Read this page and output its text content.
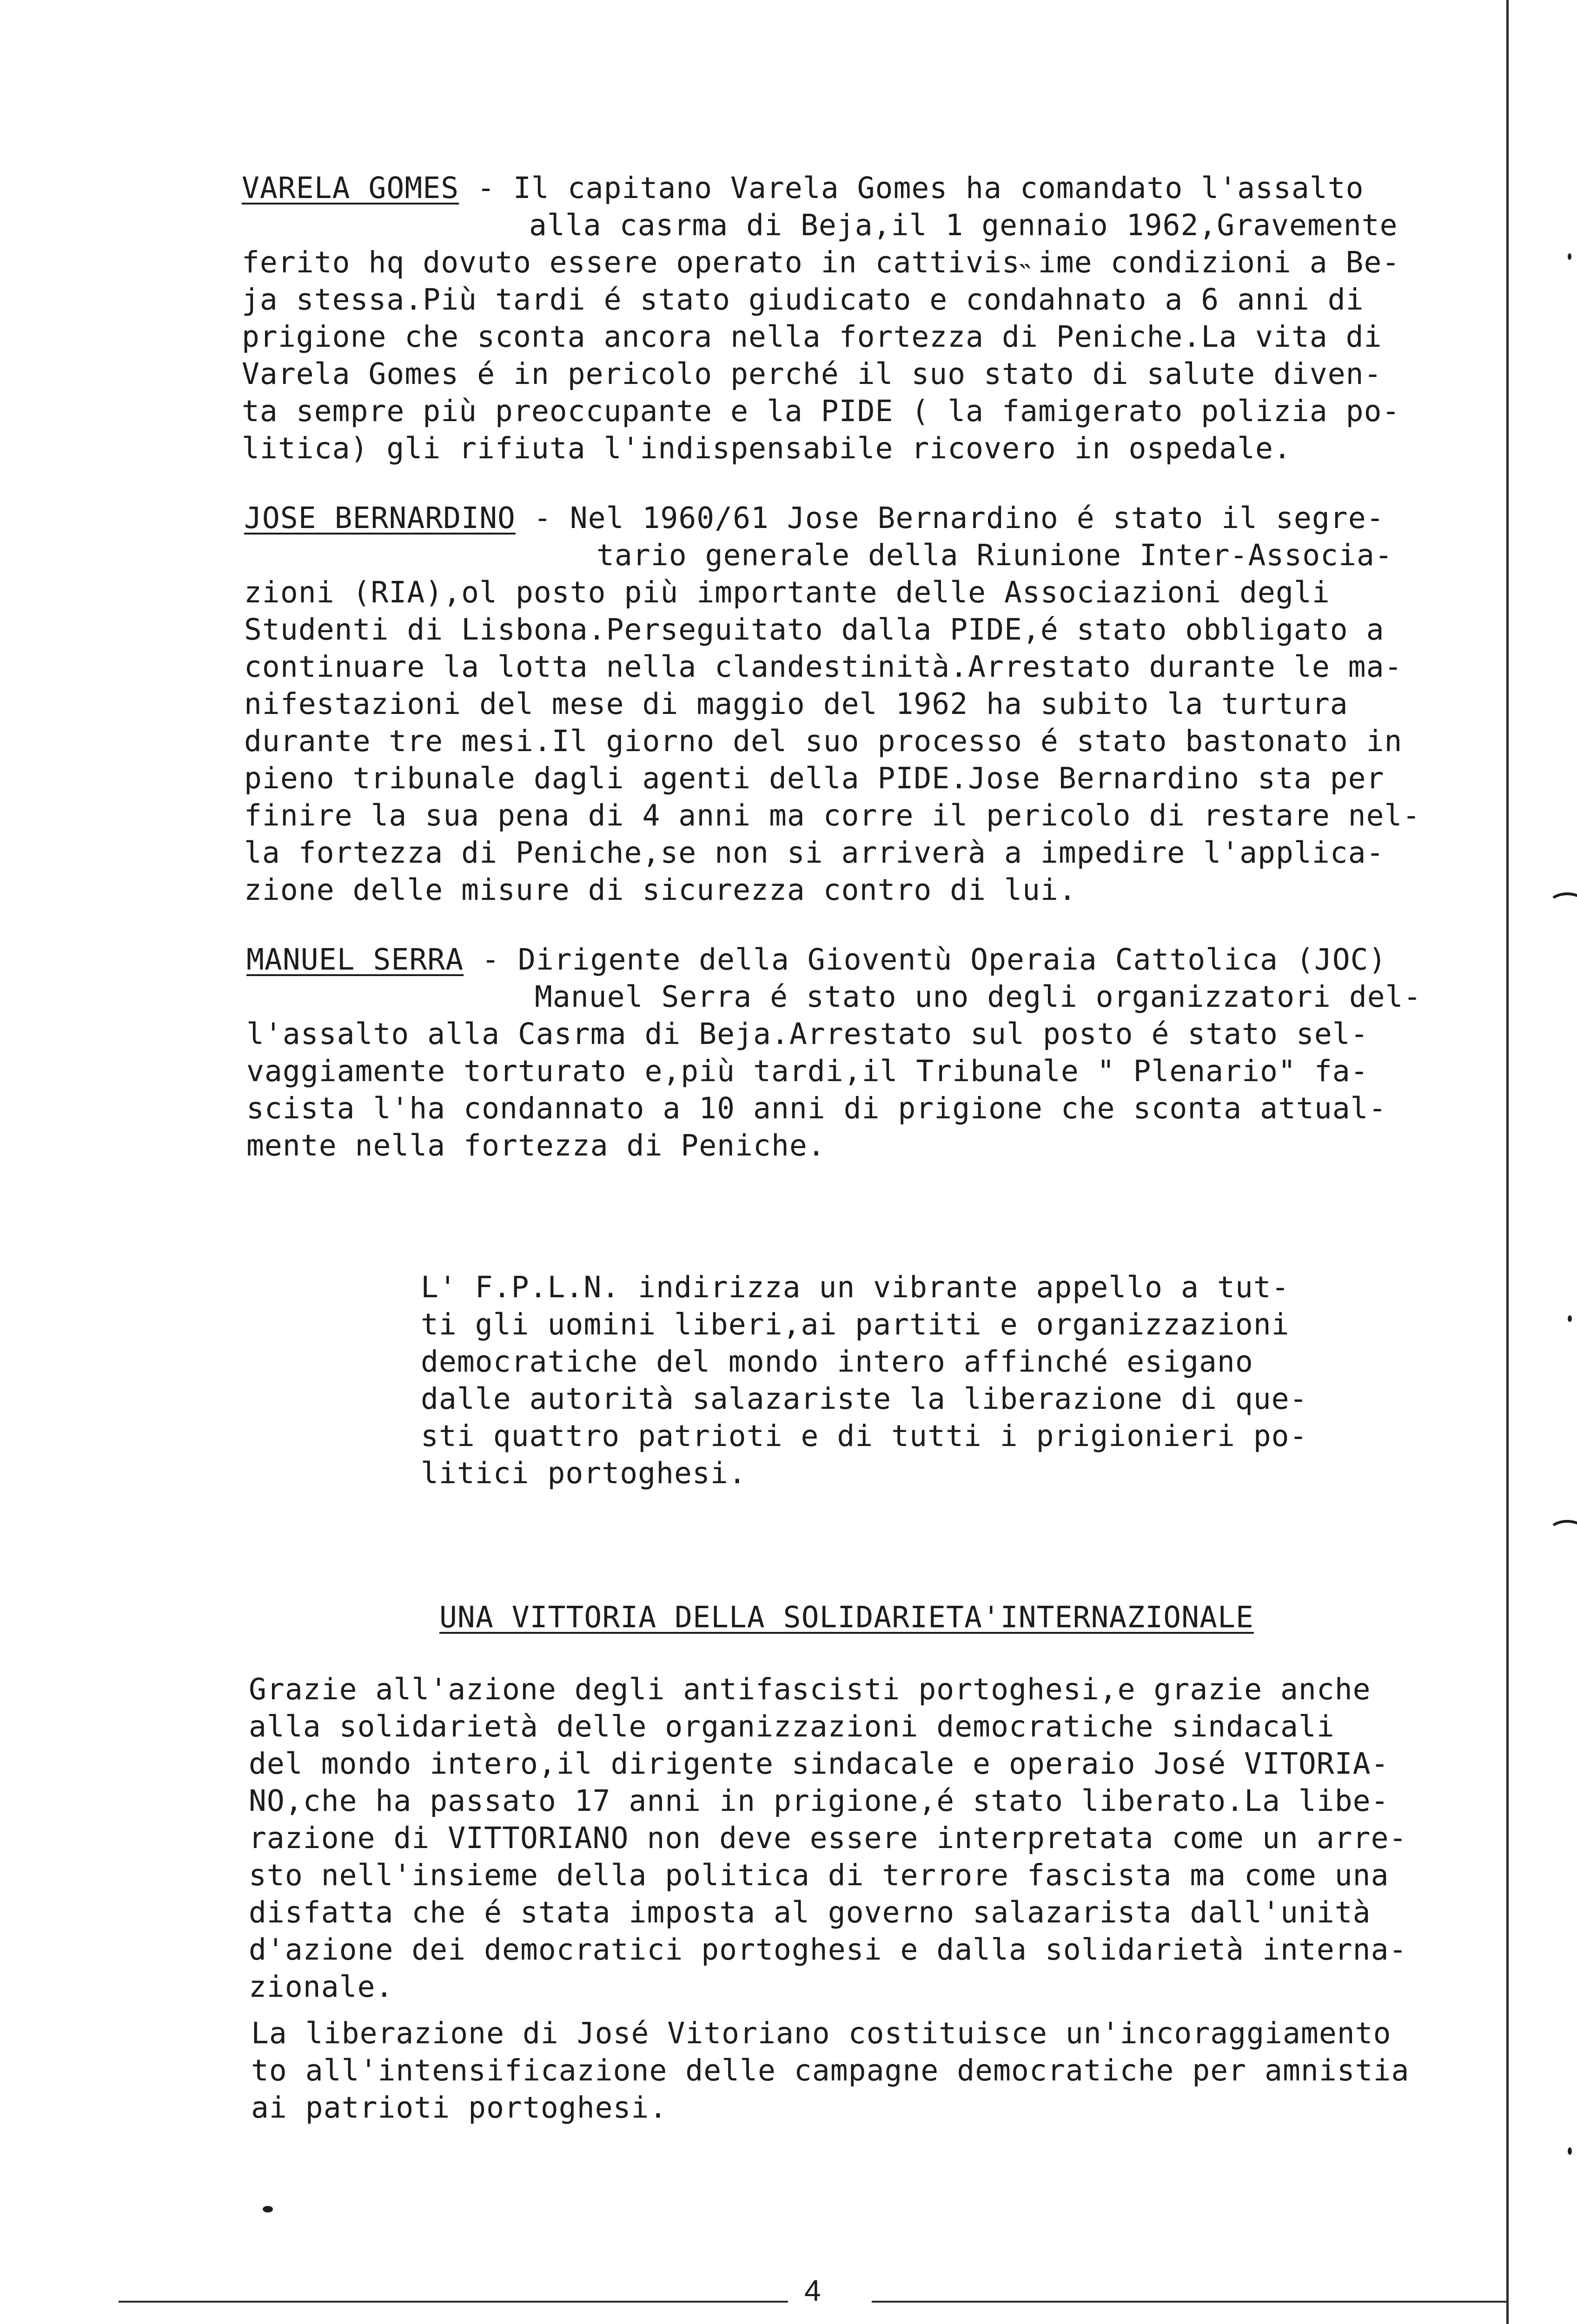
VARELA GOMES - Il capitano Varela Gomes ha comandato l'assalto
alla casrma di Beja,il 1 gennaio 1962,Gravemente
ferito hq dovuto essere operato in cattivis˵ime condizioni a Be-
ja stessa.Più tardi é stato giudicato e condahnato a 6 anni di
prigione che sconta ancora nella fortezza di Peniche.La vita di
Varela Gomes é in pericolo perché il suo stato di salute diven-
ta sempre più preoccupante e la PIDE ( la famigerato polizia po-
litica) gli rifiuta l'indispensabile ricovero in ospedale.
JOSE BERNARDINO - Nel 1960/61 Jose Bernardino é stato il segre-
tario generale della Riunione Inter-Associa-
zioni (RIA),ol posto più importante delle Associazioni degli
Studenti di Lisbona.Perseguitato dalla PIDE,é stato obbligato a
continuare la lotta nella clandestinità.Arrestato durante le ma-
nifestazioni del mese di maggio del 1962 ha subito la turtura
durante tre mesi.Il giorno del suo processo é stato bastonato in
pieno tribunale dagli agenti della PIDE.Jose Bernardino sta per
finire la sua pena di 4 anni ma corre il pericolo di restare nel-
la fortezza di Peniche,se non si arriverà a impedire l'applica-
zione delle misure di sicurezza contro di lui.
MANUEL SERRA - Dirigente della Gioventù Operaia Cattolica (JOC)
Manuel Serra é stato uno degli organizzatori del-
l'assalto alla Casrma di Beja.Arrestato sul posto é stato sel-
vaggiamente torturato e,più tardi,il Tribunale " Plenario" fa-
scista l'ha condannato a 10 anni di prigione che sconta attual-
mente nella fortezza di Peniche.
L' F.P.L.N. indirizza un vibrante appello a tut-
ti gli uomini liberi,ai partiti e organizzazioni
democratiche del mondo intero affinché esigano
dalle autorità salazariste la liberazione di que-
sti quattro patrioti e di tutti i prigionieri po-
litici portoghesi.
UNA VITTORIA DELLA SOLIDARIETA'INTERNAZIONALE
Grazie all'azione degli antifascisti portoghesi,e grazie anche
alla solidarietà delle organizzazioni democratiche sindacali
del mondo intero,il dirigente sindacale e operaio José VITORIA-
NO,che ha passato 17 anni in prigione,é stato liberato.La libe-
razione di VITTORIANO non deve essere interpretata come un arre-
sto nell'insieme della politica di terrore fascista ma come una
disfatta che é stata imposta al governo salazarista dall'unità
d'azione dei democratici portoghesi e dalla solidarietà interna-
zionale.
La liberazione di José Vitoriano costituisce un'incoraggiamento
to all'intensificazione delle campagne democratiche per amnistia
ai patrioti portoghesi.
4
